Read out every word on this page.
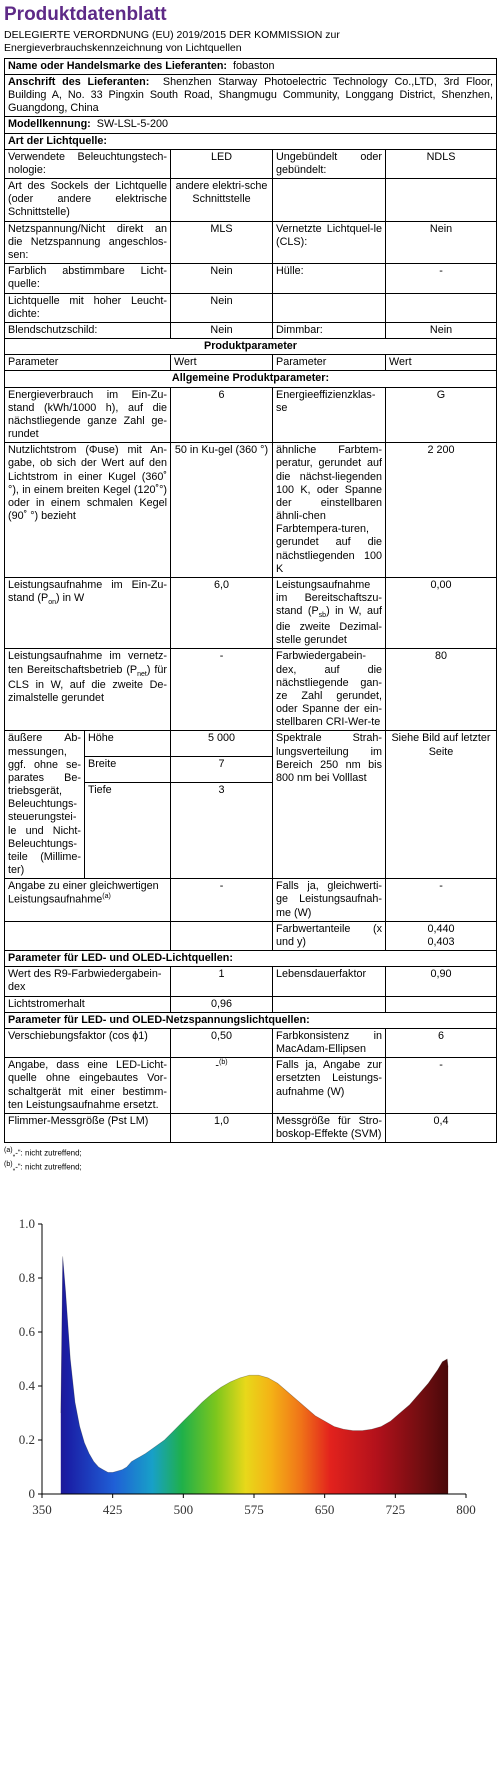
Produktdatenblatt
DELEGIERTE VERORDNUNG (EU) 2019/2015 DER KOMMISSION zur Energieverbrauchskennzeichnung von Lichtquellen
Name oder Handelsmarke des Lieferanten: fobaston				
Anschrift des Lieferanten: Shenzhen Starway Photoelectric Technology Co.,LTD, 3rd Floor, Building A, No. 33 Pingxin South Road, Shangmugu Community, Longgang District, Shenzhen, Guangdong, China				
Modellkennung: SW-LSL-5-200				
Art der Lichtquelle:				
Verwendete Beleuchtungstech-nologie:		LED	Ungebündelt oder gebündelt:	NDLS
Art des Sockels der Lichtquelle (oder andere elektrische Schnittstelle)		andere elektri-sche Schnittstelle		
Netzspannung/Nicht direkt an die Netzspannung angeschlos-sen:		MLS	Vernetzte Lichtquel-le (CLS):	Nein
Farblich abstimmbare Licht-quelle:		Nein	Hülle:	-
Lichtquelle mit hoher Leucht-dichte:		Nein		
Blendschutzschild:		Nein	Dimmbar:	Nein
Produktparameter				
Parameter		Wert	Parameter	Wert
Allgemeine Produktparameter:				
Energieverbrauch im Ein-Zu-stand (kWh/1000 h), auf die nächstliegende ganze Zahl ge-rundet		6	Energieeffizienzklas-se	G
Nutzlichtstrom (Φuse) mit An-gabe, ob sich der Wert auf den Lichtstrom in einer Kugel (360˚ °), in einem breiten Kegel (120˚°) oder in einem schmalen Kegel (90˚ °) bezieht		50 in Ku-gel (360 °)	ähnliche Farbtem-peratur, gerundet auf die nächst-liegenden 100 K, oder Spanne der einstellbaren ähnli-chen Farbtempera-turen, gerundet auf die nächstliegenden 100 K	2 200
Leistungsaufnahme im Ein-Zu-stand $(P_{on})$ in W		6,0	Leistungsaufnahme im Bereitschaftszu-stand $(P_{sb})$ in W, auf die zweite Dezimal-stelle gerundet	0,00
Leistungsaufnahme im vernetz-ten Bereitschaftsbetrieb $(P_{net})$ für CLS in W, auf die zweite De-zimalstelle gerundet		-	Farbwiedergabein-dex, auf die nächstliegende gan-ze Zahl gerundet, oder Spanne der ein-stellbaren CRI-Wer-te	80
äußere Ab-messungen, ggf. ohne se-parates Be-triebsgerät, Beleuchtungs-steuerungstei-le und Nicht-Beleuchtungs-teile (Millime-ter)	Höhe	5 000	Spektrale Strah-lungsverteilung im Bereich 250 nm bis 800 nm bei Volllast	Siehe Bild auf letzter Seite
	Breite	7		
	Tiefe	3		
Angabe zu einer gleichwertigen Leistungsaufnahme$^{(a)}$		-	Falls ja, gleichwerti-ge Leistungsaufnah-me (W)	-
			Farbwertanteile (x und y)	0,440
0,403

Parameter für LED- und OLED-Lichtquellen:				
Wert des R9-Farbwiedergabein-dex		1	Lebensdauerfaktor	0,90
Lichtstromerhalt		0,96		
Parameter für LED- und OLED-Netzspannungslichtquellen:				
Verschiebungsfaktor (cos ϕ1)		0,50	Farbkonsistenz in MacAdam-Ellipsen	6
Angabe, dass eine LED-Licht-quelle ohne eingebautes Vor-schaltgerät mit einer bestimm-ten Leistungsaufnahme ersetzt.		-$^{(b)}$	Falls ja, Angabe zur ersetzten Leistungs-aufnahme (W)	-
Flimmer-Messgröße (Pst LM)		1,0	Messgröße für Stro-boskop-Effekte (SVM)	0,4
$^{(a)}$„-“: nicht zutreffend;
$^{(b)}$„-“: nicht zutreffend;
0
0.2
0.4
0.6
0.8
1.0
350	425	500	575	650	725	800
